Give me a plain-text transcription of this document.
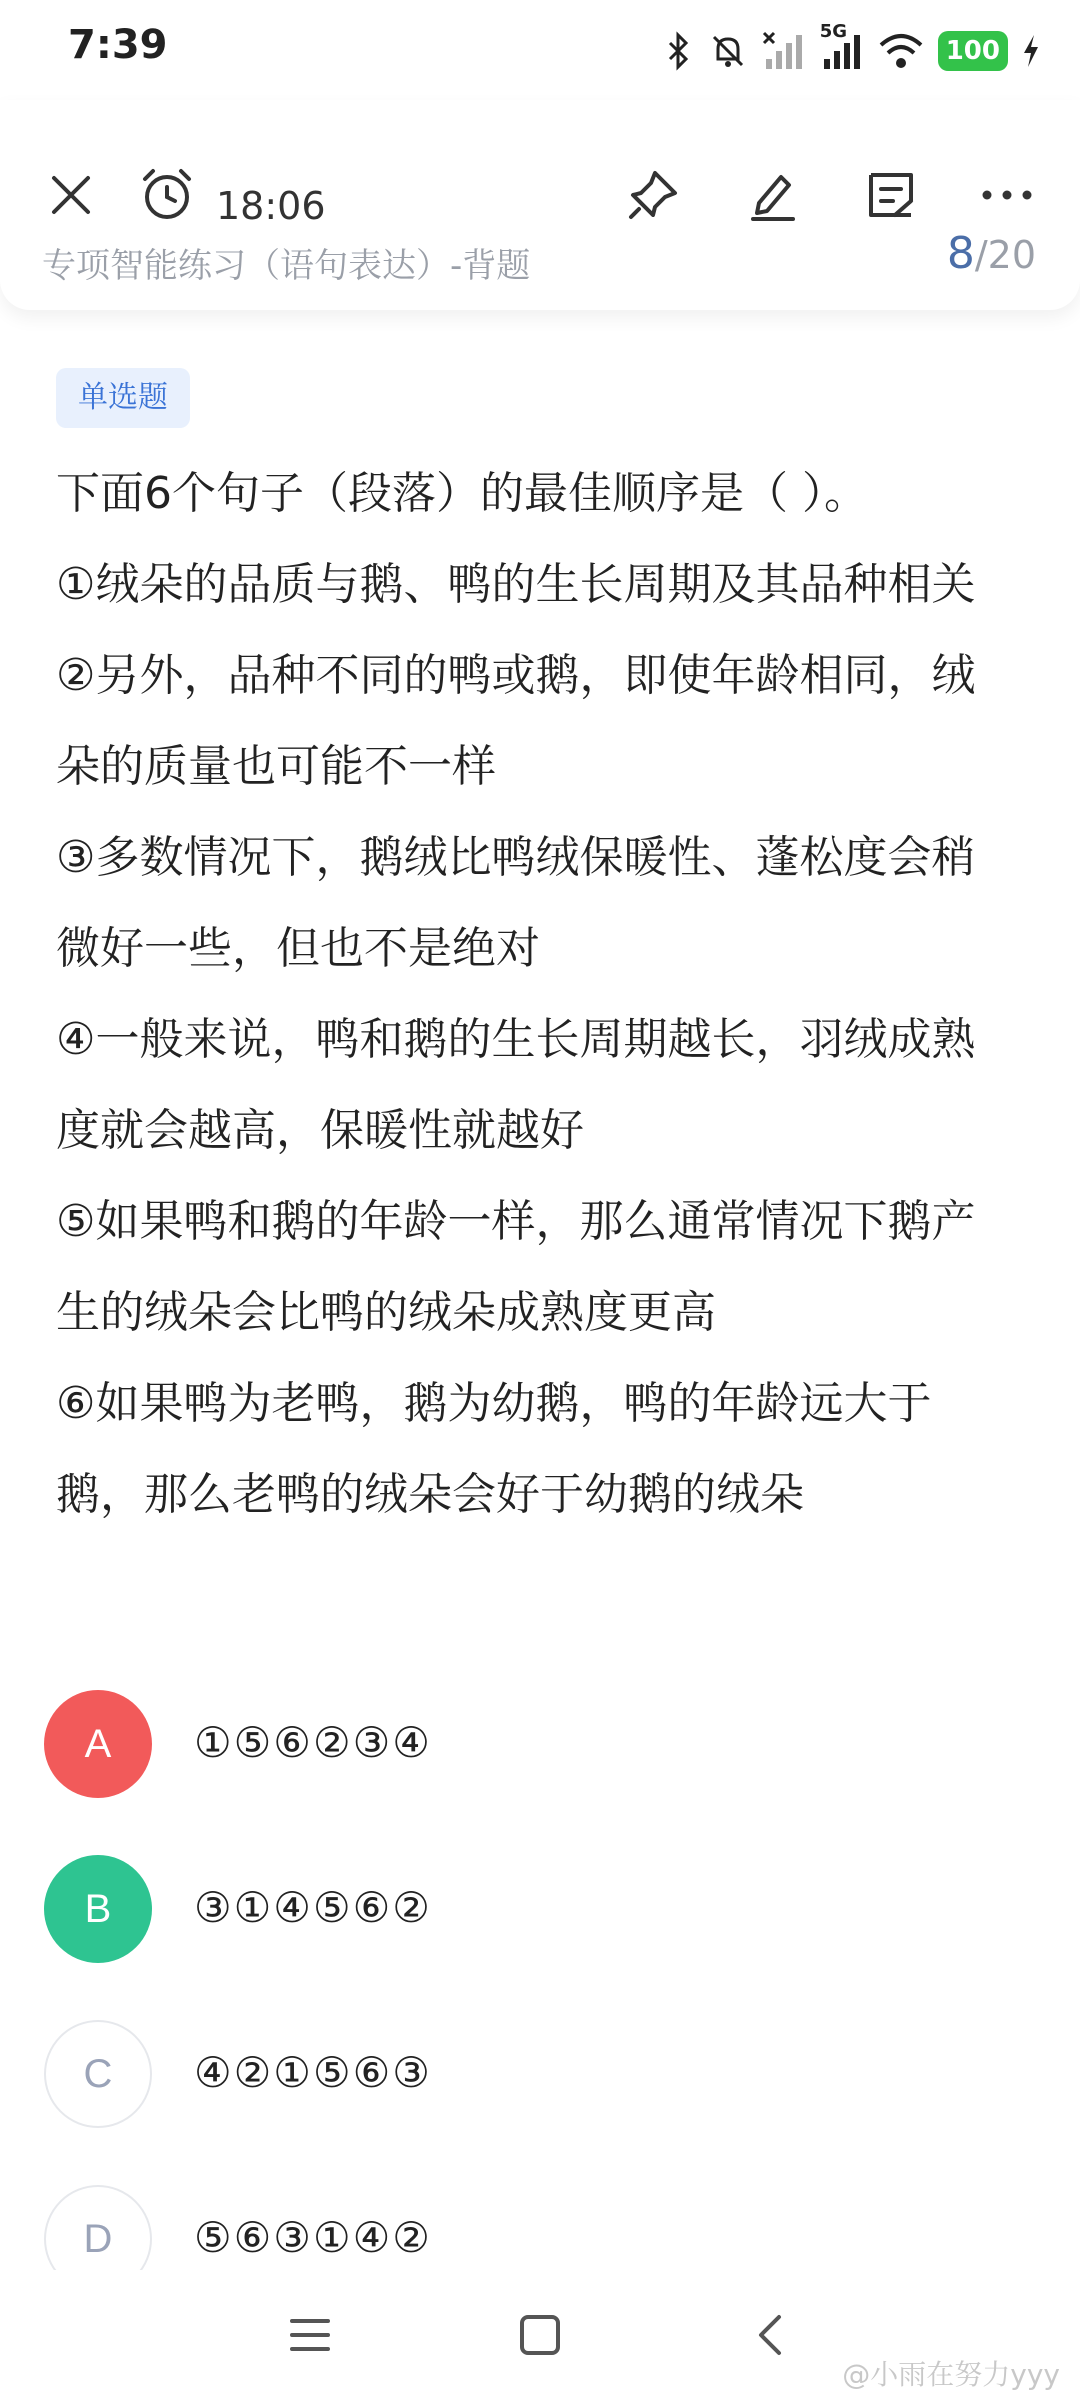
7:39	5G
100
18:06
专项智能练习（语句表达）-背题	8/20
单选题

下面6个句子（段落）的最佳顺序是（ ）。

①绒朵的品质与鹅、鸭的生长周期及其品种相关

②另外，品种不同的鸭或鹅，即使年龄相同，绒朵的质量也可能不一样

③多数情况下，鹅绒比鸭绒保暖性、蓬松度会稍微好一些，但也不是绝对

④一般来说，鸭和鹅的生长周期越长，羽绒成熟度就会越高，保暖性就越好

⑤如果鸭和鹅的年龄一样，那么通常情况下鹅产生的绒朵会比鸭的绒朵成熟度更高

⑥如果鸭为老鸭，鹅为幼鹅，鸭的年龄远大于鹅，那么老鸭的绒朵会好于幼鹅的绒朵

A	①⑤⑥②③④
B	③①④⑤⑥②
C	④②①⑤⑥③
D	⑤⑥③①④②
@小雨在努力yyy
